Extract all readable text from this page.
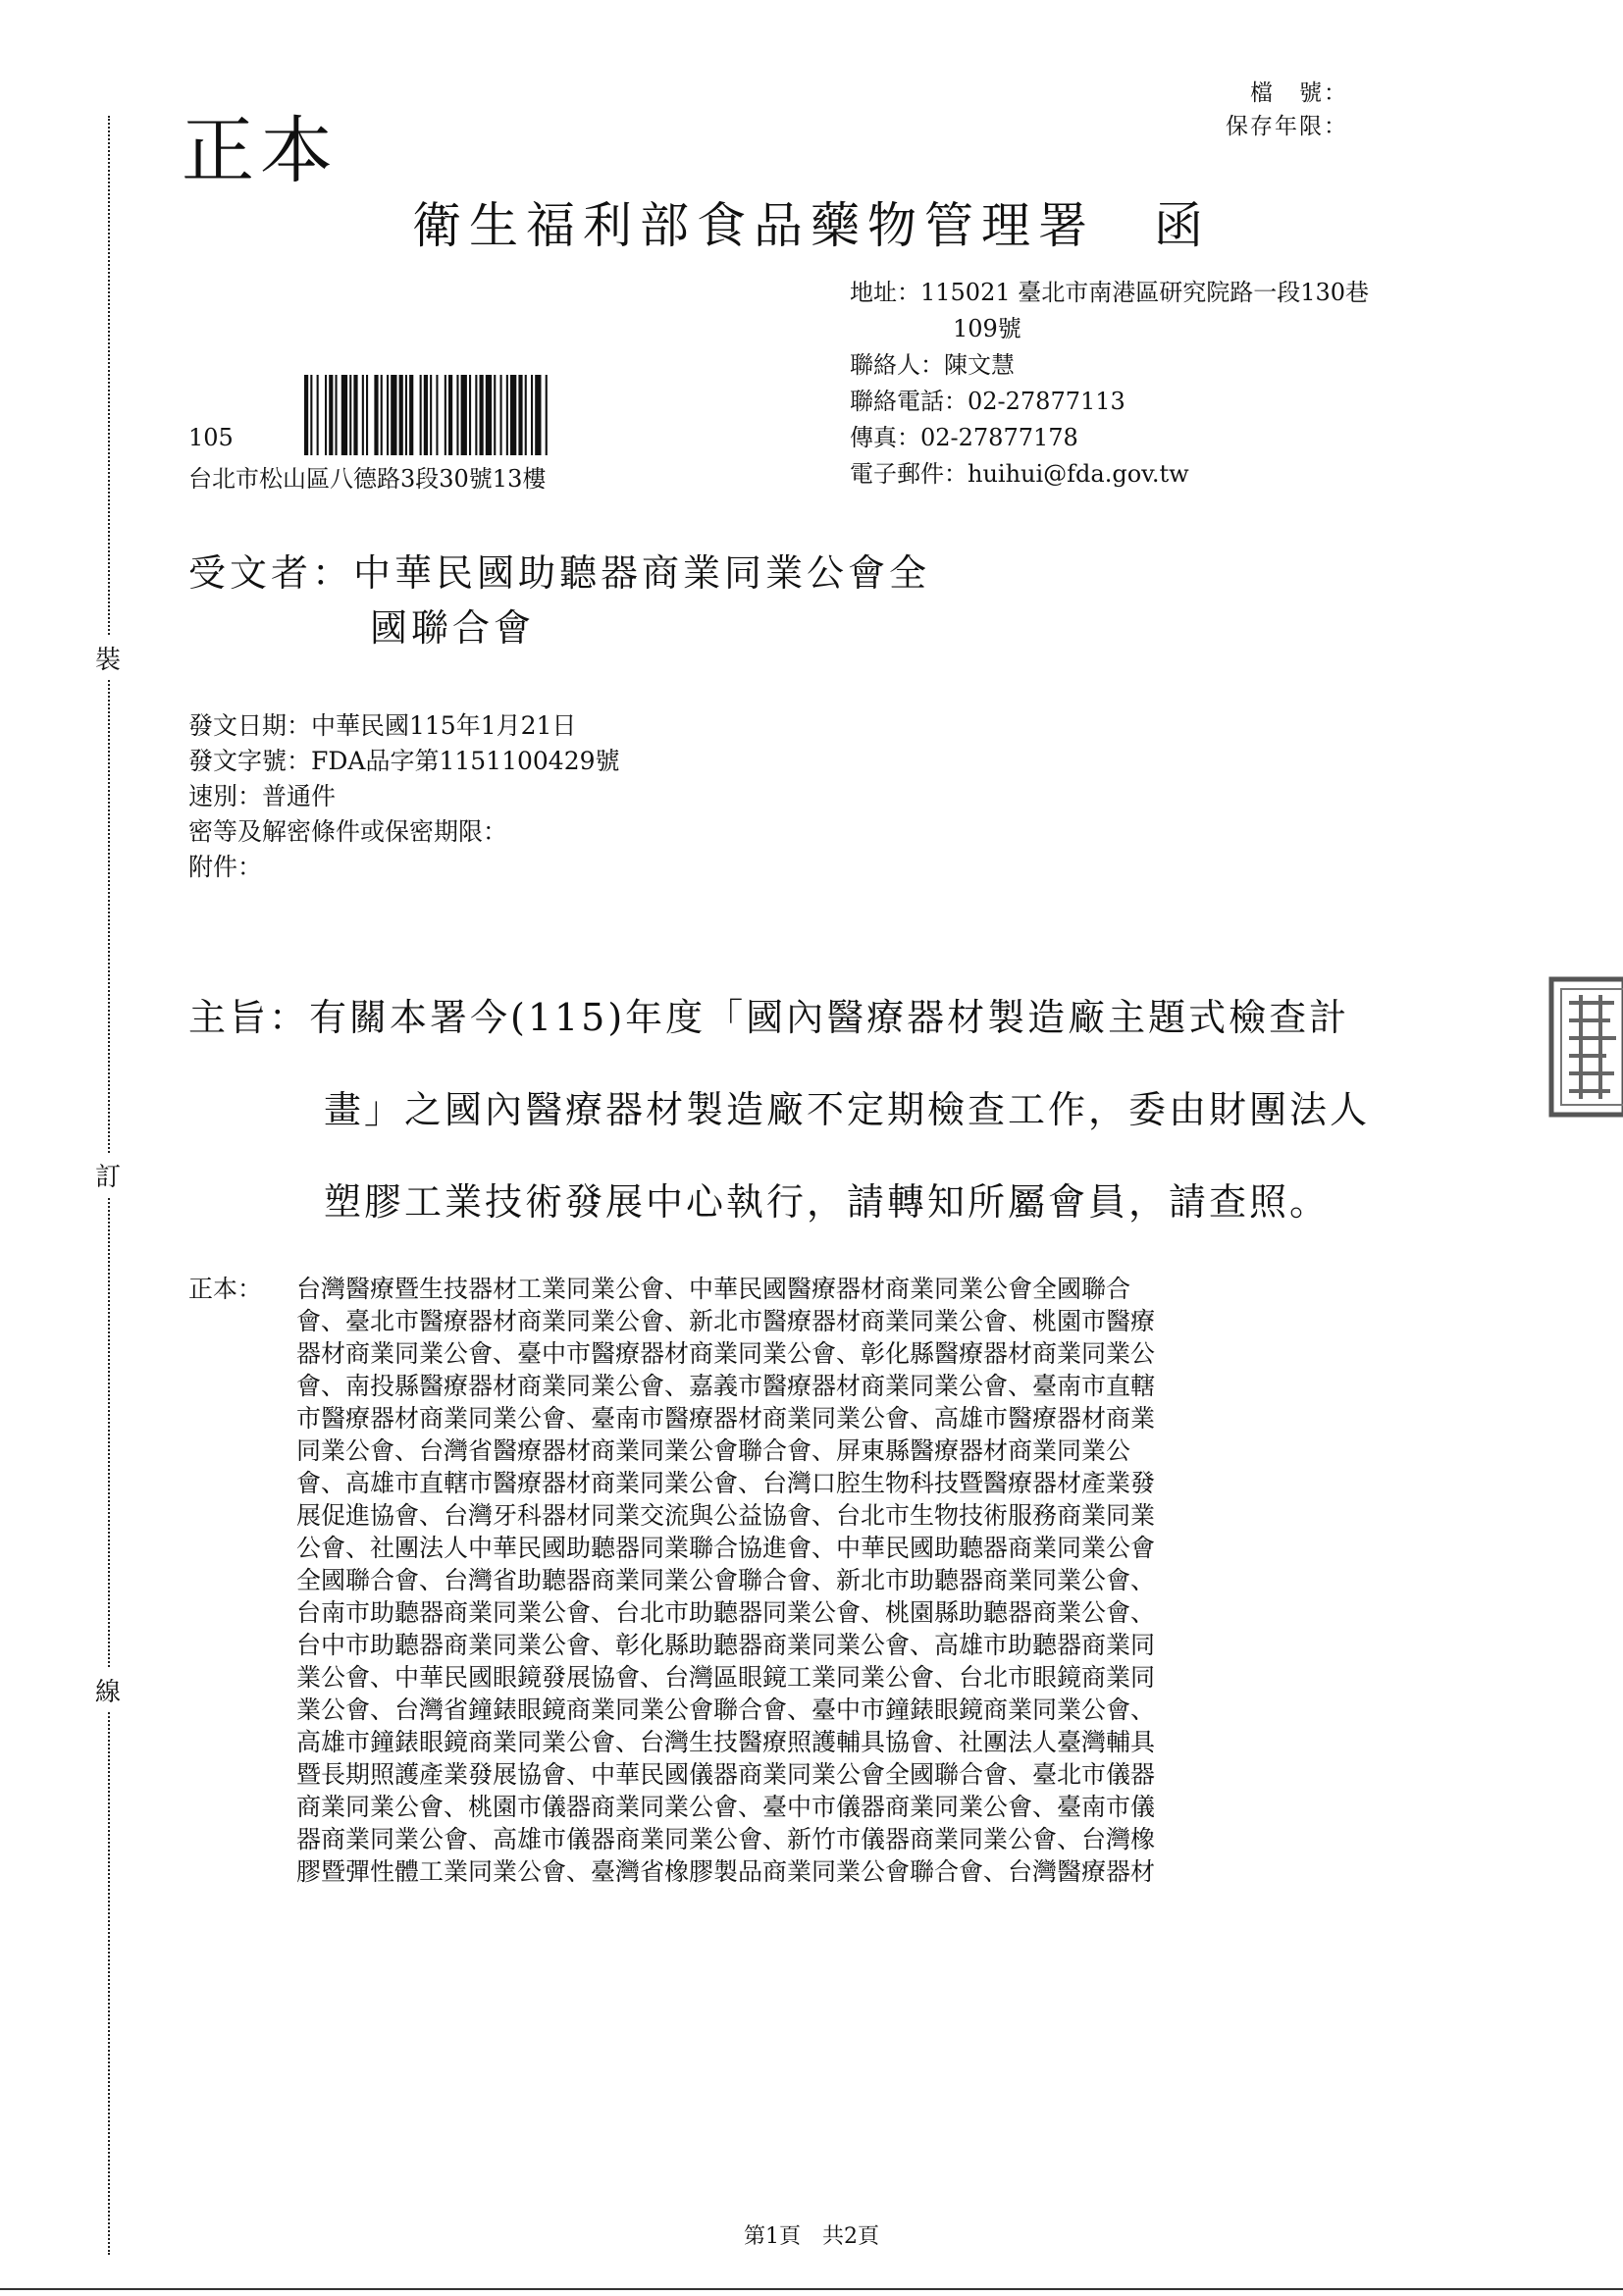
裝
訂
線
正本
檔　號：
保存年限：
衛生福利部食品藥物管理署 函
地址：115021 臺北市南港區研究院路一段130巷
109號
聯絡人：陳文慧
聯絡電話：02-27877113
傳真：02-27877178
電子郵件：huihui@fda.gov.tw
105
台北市松山區八德路3段30號13樓
受文者：中華民國助聽器商業同業公會全
國聯合會
發文日期：中華民國115年1月21日
發文字號：FDA品字第1151100429號
速別：普通件
密等及解密條件或保密期限：
附件：
主旨：有關本署今(115)年度「國內醫療器材製造廠主題式檢查計
畫」之國內醫療器材製造廠不定期檢查工作，委由財團法人
塑膠工業技術發展中心執行，請轉知所屬會員，請查照。
正本： 台灣醫療暨生技器材工業同業公會、中華民國醫療器材商業同業公會全國聯合
會、臺北市醫療器材商業同業公會、新北市醫療器材商業同業公會、桃園市醫療
器材商業同業公會、臺中市醫療器材商業同業公會、彰化縣醫療器材商業同業公
會、南投縣醫療器材商業同業公會、嘉義市醫療器材商業同業公會、臺南市直轄
市醫療器材商業同業公會、臺南市醫療器材商業同業公會、高雄市醫療器材商業
同業公會、台灣省醫療器材商業同業公會聯合會、屏東縣醫療器材商業同業公
會、高雄市直轄市醫療器材商業同業公會、台灣口腔生物科技暨醫療器材產業發
展促進協會、台灣牙科器材同業交流與公益協會、台北市生物技術服務商業同業
公會、社團法人中華民國助聽器同業聯合協進會、中華民國助聽器商業同業公會
全國聯合會、台灣省助聽器商業同業公會聯合會、新北市助聽器商業同業公會、
台南市助聽器商業同業公會、台北市助聽器同業公會、桃園縣助聽器商業公會、
台中市助聽器商業同業公會、彰化縣助聽器商業同業公會、高雄市助聽器商業同
業公會、中華民國眼鏡發展協會、台灣區眼鏡工業同業公會、台北市眼鏡商業同
業公會、台灣省鐘錶眼鏡商業同業公會聯合會、臺中市鐘錶眼鏡商業同業公會、
高雄市鐘錶眼鏡商業同業公會、台灣生技醫療照護輔具協會、社團法人臺灣輔具
暨長期照護產業發展協會、中華民國儀器商業同業公會全國聯合會、臺北市儀器
商業同業公會、桃園市儀器商業同業公會、臺中市儀器商業同業公會、臺南市儀
器商業同業公會、高雄市儀器商業同業公會、新竹市儀器商業同業公會、台灣橡
膠暨彈性體工業同業公會、臺灣省橡膠製品商業同業公會聯合會、台灣醫療器材
第1頁　共2頁
